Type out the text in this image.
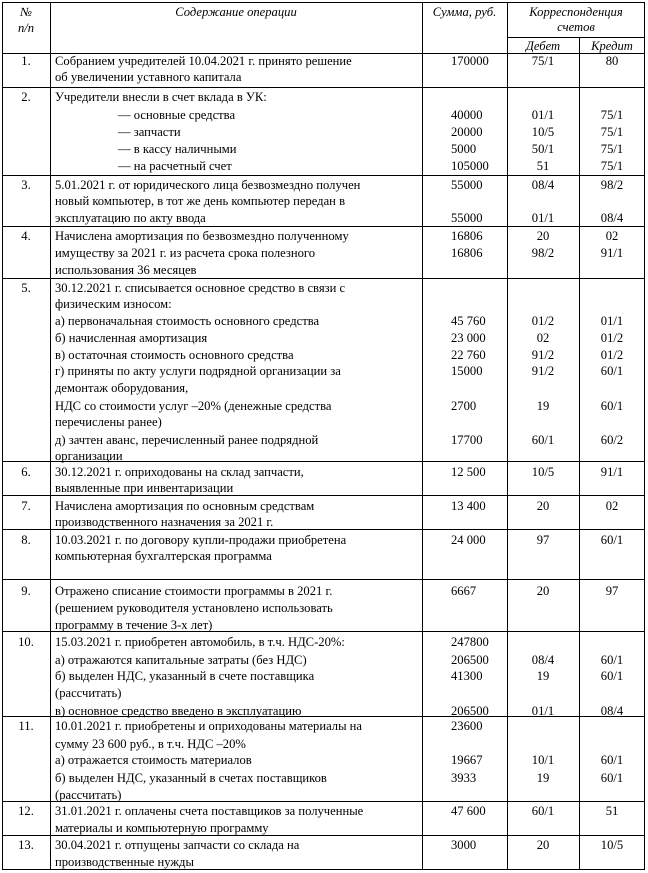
№
п/п
Содержание операции	Сумма, руб.	Корреспонденция
счетов
Дебет Кредит
1. Собранием учредителей 10.04.2021 г. принято решение	170000	75/1	80
об увеличении уставного капитала
2. Учредители внесли в счет вклада в УК:
— основные средства	40000	01/1	75/1
— запчасти	20000	10/5	75/1
— в кассу наличными	5000	50/1	75/1
— на расчетный счет	105000	51	75/1
3. 5.01.2021 г. от юридического лица безвозмездно получен	55000	08/4	98/2
новый компьютер, в тот же день компьютер передан в
эксплуатацию по акту ввода	55000	01/1	08/4
4. Начислена амортизация по безвозмездно полученному	16806	20	02
имуществу за 2021 г. из расчета срока полезного	16806	98/2	91/1
использования 36 месяцев
5. 30.12.2021 г. списывается основное средство в связи с
физическим износом:
а) первоначальная стоимость основного средства	45 760	01/2	01/1
б) начисленная амортизация	23 000	02	01/2
в) остаточная стоимость основного средства	22 760	91/2	01/2
г) приняты по акту услуги подрядной организации за	15000	91/2	60/1
демонтаж оборудования,
НДС со стоимости услуг –20% (денежные средства	2700	19	60/1
перечислены ранее)
д) зачтен аванс, перечисленный ранее подрядной	17700	60/1	60/2
организации
6. 30.12.2021 г. оприходованы на склад запчасти,	12 500	10/5	91/1
выявленные при инвентаризации
7. Начислена амортизация по основным средствам	13 400	20	02
производственного назначения за 2021 г.
8. 10.03.2021 г. по договору купли-продажи приобретена	24 000	97	60/1
компьютерная бухгалтерская программа
9. Отражено списание стоимости программы в 2021 г.	6667	20	97
(решением руководителя установлено использовать
программу в течение 3-х лет)
10. 15.03.2021 г. приобретен автомобиль, в т.ч. НДС-20%:	247800
а) отражаются капитальные затраты (без НДС)	206500	08/4	60/1
б) выделен НДС, указанный в счете поставщика	41300	19	60/1
(рассчитать)
в) основное средство введено в эксплуатацию	206500	01/1	08/4
11. 10.01.2021 г. приобретены и оприходованы материалы на	23600
сумму 23 600 руб., в т.ч. НДС –20%
а) отражается стоимость материалов	19667	10/1	60/1
б) выделен НДС, указанный в счетах поставщиков	3933	19	60/1
(рассчитать)
12. 31.01.2021 г. оплачены счета поставщиков за полученные	47 600	60/1	51
материалы и компьютерную программу
13. 30.04.2021 г. отпущены запчасти со склада на	3000	20	10/5
производственные нужды
